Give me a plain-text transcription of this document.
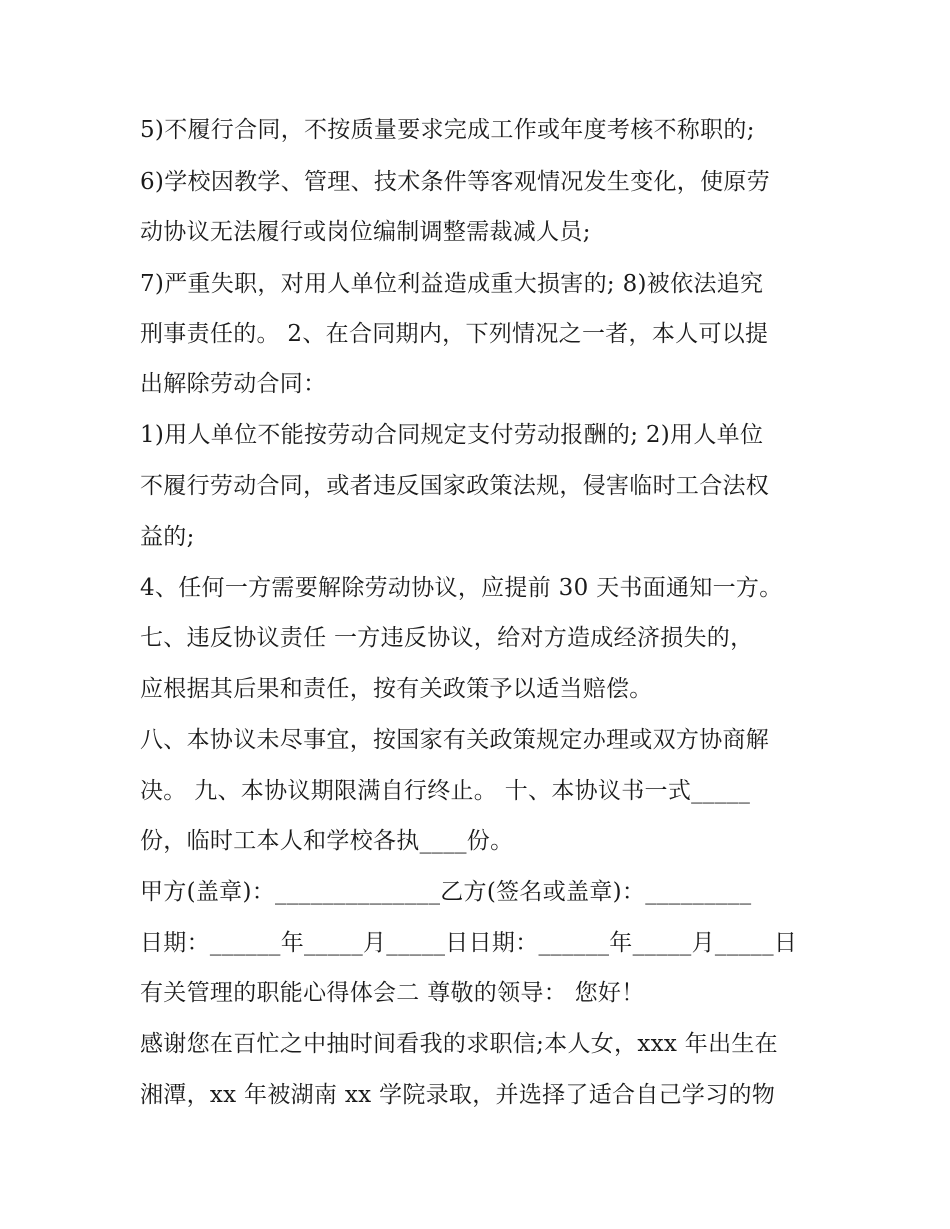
5)不履行合同，不按质量要求完成工作或年度考核不称职的;
6)学校因教学、管理、技术条件等客观情况发生变化，使原劳
动协议无法履行或岗位编制调整需裁减人员;
7)严重失职，对用人单位利益造成重大损害的; 8)被依法追究
刑事责任的。 2、在合同期内，下列情况之一者，本人可以提
出解除劳动合同：
1)用人单位不能按劳动合同规定支付劳动报酬的; 2)用人单位
不履行劳动合同，或者违反国家政策法规，侵害临时工合法权
益的;
4、任何一方需要解除劳动协议，应提前 30 天书面通知一方。
七、违反协议责任 一方违反协议，给对方造成经济损失的，
应根据其后果和责任，按有关政策予以适当赔偿。
八、本协议未尽事宜，按国家有关政策规定办理或双方协商解
决。 九、本协议期限满自行终止。 十、本协议书一式_____
份，临时工本人和学校各执____份。
甲方(盖章)：______________乙方(签名或盖章)：_________
日期：______年_____月_____日日期：______年_____月_____日
有关管理的职能心得体会二 尊敬的领导： 您好！
感谢您在百忙之中抽时间看我的求职信;本人女，xxx 年出生在
湘潭，xx 年被湖南 xx 学院录取，并选择了适合自己学习的物
